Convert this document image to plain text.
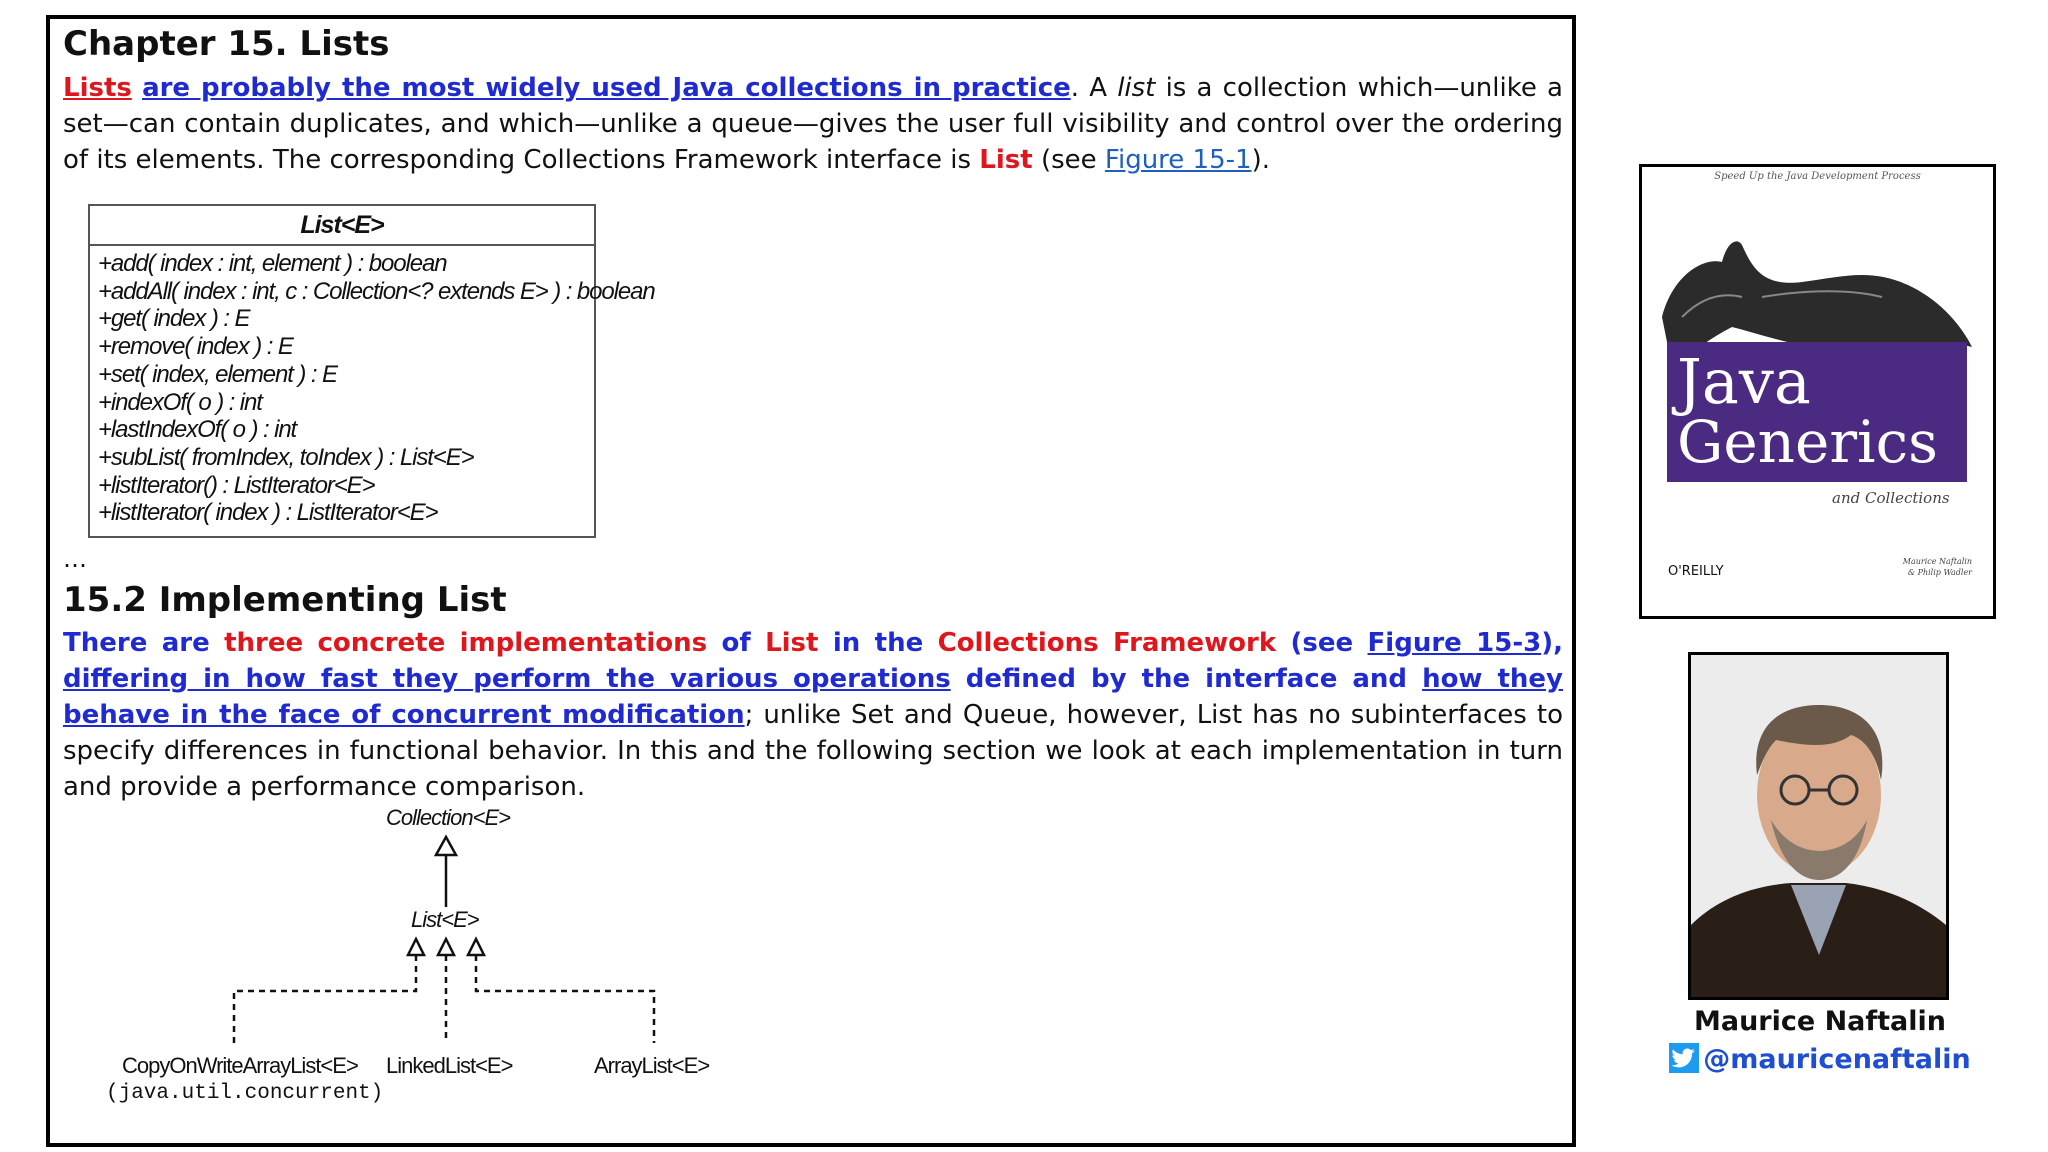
Chapter 15. Lists
Lists are probably the most widely used Java collections in practice. A list is a collection which—unlike a set—can contain duplicates, and which—unlike a queue—gives the user full visibility and control over the ordering of its elements. The corresponding Collections Framework interface is List (see Figure 15-1).
List<E>
+add( index : int, element ) : boolean
+addAll( index : int, c : Collection<? extends E> ) : boolean
+get( index ) : E
+remove( index ) : E
+set( index, element ) : E
+indexOf( o ) : int
+lastIndexOf( o ) : int
+subList( fromIndex, toIndex ) : List<E>
+listIterator() : ListIterator<E>
+listIterator( index ) : ListIterator<E>
…
15.2 Implementing List
There are three concrete implementations of List in the Collections Framework (see Figure 15-3), differing in how fast they perform the various operations defined by the interface and how they behave in the face of concurrent modification; unlike Set and Queue, however, List has no subinterfaces to specify differences in functional behavior. In this and the following section we look at each implementation in turn and provide a performance comparison.
Collection<E>
List<E>
CopyOnWriteArrayList<E>
(java.util.concurrent)
LinkedList<E>	ArrayList<E>
Speed Up the Java Development Process
Java
Generics
and Collections
O'REILLY
Maurice Naftalin
& Philip Wadler
Maurice Naftalin
@mauricenaftalin
